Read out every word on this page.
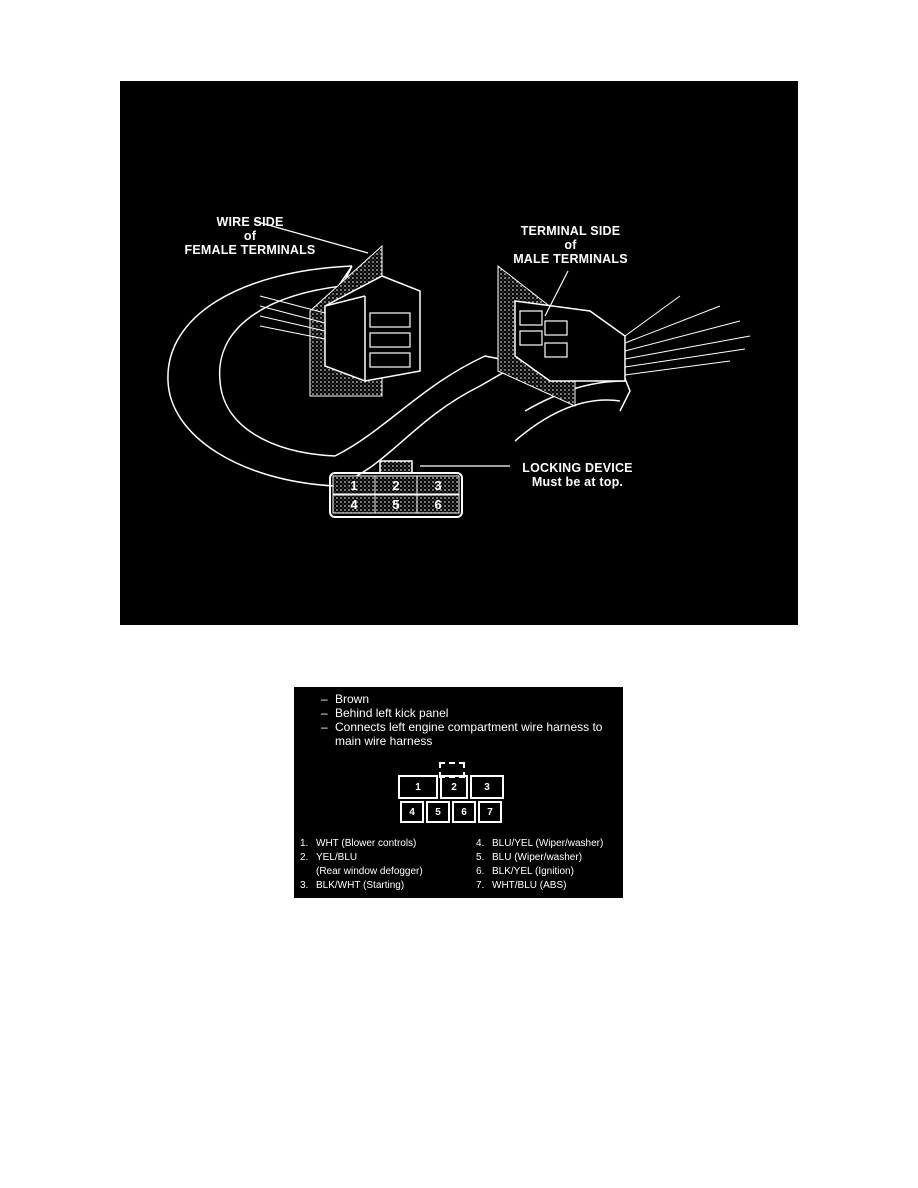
1	2	3
4	5	6
WIRE SIDE
of
FEMALE TERMINALS
TERMINAL SIDE
of
MALE TERMINALS
LOCKING DEVICE
Must be at top.
– Brown
– Behind left kick panel
– Connects left engine compartment wire harness to
main wire harness
1	2	3
4 5 6 7
1. WHT (Blower controls)
2. YEL/BLU
(Rear window defogger)
3. BLK/WHT (Starting)
4. BLU/YEL (Wiper/washer)
5. BLU (Wiper/washer)
6. BLK/YEL (Ignition)
7. WHT/BLU (ABS)
